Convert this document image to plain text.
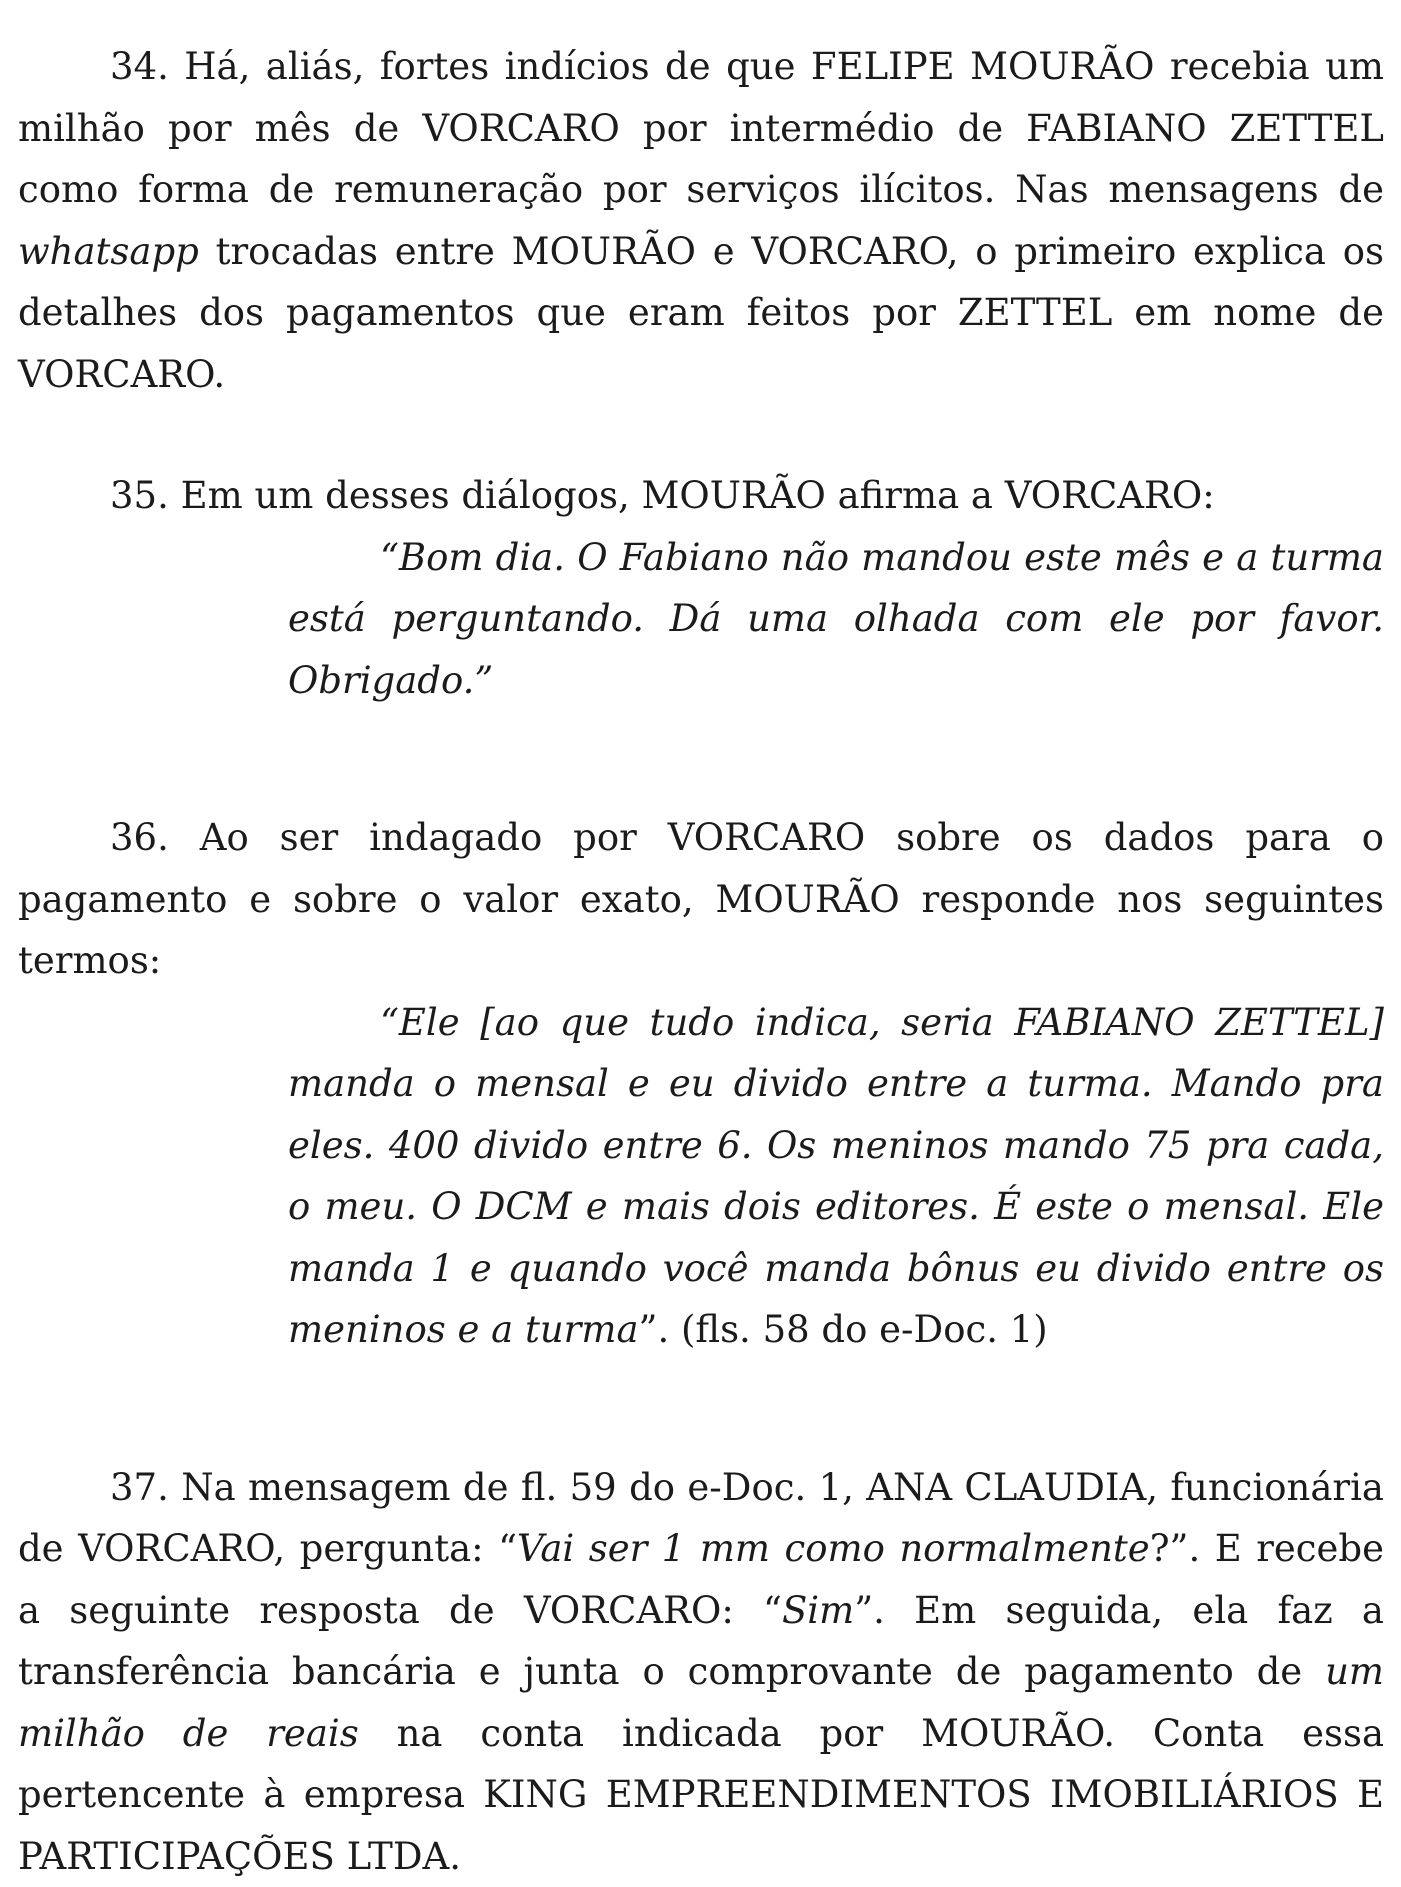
34. Há, aliás, fortes indícios de que FELIPE MOURÃO recebia um milhão por mês de VORCARO por intermédio de FABIANO ZETTEL como forma de remuneração por serviços ilícitos. Nas mensagens de whatsapp trocadas entre MOURÃO e VORCARO, o primeiro explica os detalhes dos pagamentos que eram feitos por ZETTEL em nome de VORCARO.

35. Em um desses diálogos, MOURÃO afirma a VORCARO:

“Bom dia. O Fabiano não mandou este mês e a turma está perguntando. Dá uma olhada com ele por favor. Obrigado.”

36. Ao ser indagado por VORCARO sobre os dados para o pagamento e sobre o valor exato, MOURÃO responde nos seguintes termos:

“Ele [ao que tudo indica, seria FABIANO ZETTEL] manda o mensal e eu divido entre a turma. Mando pra eles. 400 divido entre 6. Os meninos mando 75 pra cada, o meu. O DCM e mais dois editores. É este o mensal. Ele manda 1 e quando você manda bônus eu divido entre os meninos e a turma”. (fls. 58 do e-Doc. 1)

37. Na mensagem de fl. 59 do e-Doc. 1, ANA CLAUDIA, funcionária de VORCARO, pergunta: “Vai ser 1 mm como normalmente?”. E recebe a seguinte resposta de VORCARO: “Sim”. Em seguida, ela faz a transferência bancária e junta o comprovante de pagamento de um milhão de reais na conta indicada por MOURÃO. Conta essa pertencente à empresa KING EMPREENDIMENTOS IMOBILIÁRIOS E PARTICIPAÇÕES LTDA.
